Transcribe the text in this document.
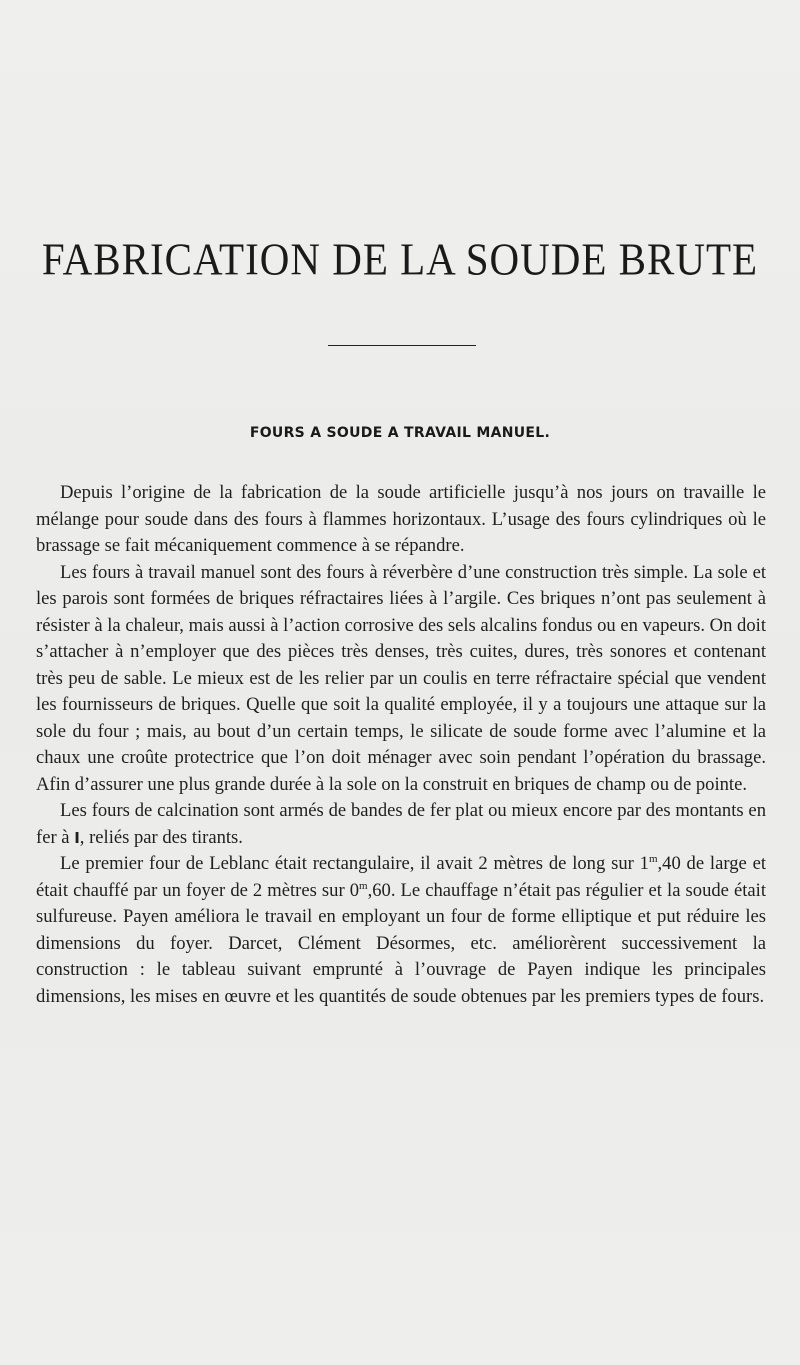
FABRICATION DE LA SOUDE BRUTE
FOURS A SOUDE A TRAVAIL MANUEL.

Depuis l’origine de la fabrication de la soude artificielle jusqu’à nos jours on travaille le mélange pour soude dans des fours à flammes horizontaux. L’usage des fours cylindriques où le brassage se fait mécaniquement commence à se répandre.

Les fours à travail manuel sont des fours à réverbère d’une construction très simple. La sole et les parois sont formées de briques réfractaires liées à l’argile. Ces briques n’ont pas seulement à résister à la chaleur, mais aussi à l’action corrosive des sels alcalins fondus ou en vapeurs. On doit s’attacher à n’employer que des pièces très denses, très cuites, dures, très sonores et contenant très peu de sable. Le mieux est de les relier par un coulis en terre réfractaire spécial que vendent les fournisseurs de briques. Quelle que soit la qualité employée, il y a toujours une attaque sur la sole du four ; mais, au bout d’un certain temps, le silicate de soude forme avec l’alumine et la chaux une croûte protectrice que l’on doit ménager avec soin pendant l’opération du brassage. Afin d’assurer une plus grande durée à la sole on la construit en briques de champ ou de pointe.

Les fours de calcination sont armés de bandes de fer plat ou mieux encore par des montants en fer à I, reliés par des tirants.

Le premier four de Leblanc était rectangulaire, il avait 2 mètres de long sur 1$^m$,40 de large et était chauffé par un foyer de 2 mètres sur 0$^m$,60. Le chauffage n’était pas régulier et la soude était sulfureuse. Payen améliora le travail en employant un four de forme elliptique et put réduire les dimensions du foyer. Darcet, Clément Désormes, etc. améliorèrent successivement la construction : le tableau suivant emprunté à l’ouvrage de Payen indique les principales dimensions, les mises en œuvre et les quantités de soude obtenues par les premiers types de fours.
